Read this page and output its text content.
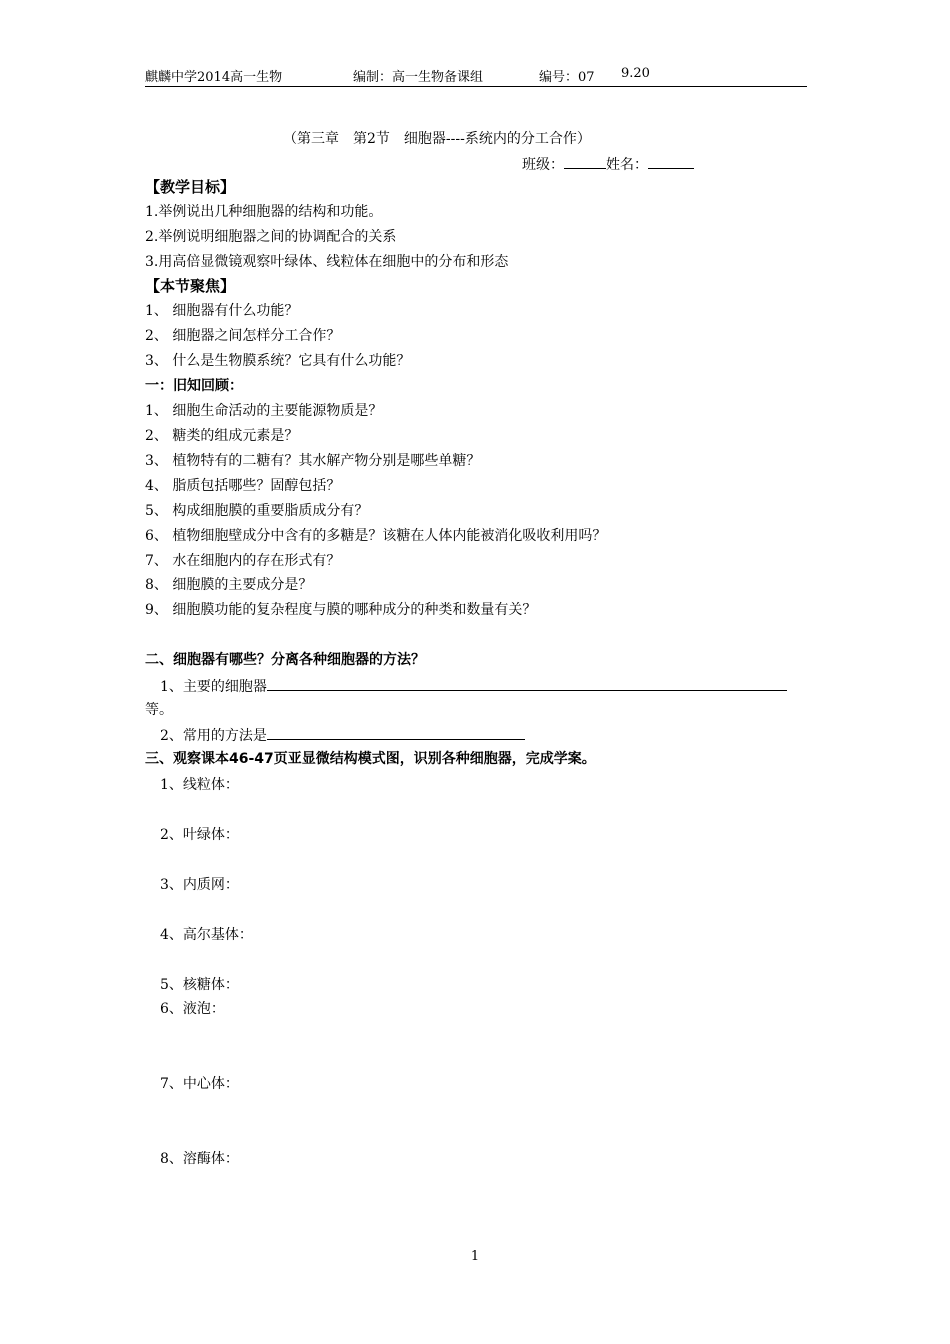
麒麟中学2014高一生物	编制：高一生物备课组	编号：07 9.20
（第三章　第2节　细胞器----系统内的分工合作）
班级：	姓名：
【教学目标】
1.举例说出几种细胞器的结构和功能。
2.举例说明细胞器之间的协调配合的关系
3.用高倍显微镜观察叶绿体、线粒体在细胞中的分布和形态
【本节聚焦】
1、 细胞器有什么功能？
2、 细胞器之间怎样分工合作？
3、 什么是生物膜系统？它具有什么功能？
一：旧知回顾：
1、 细胞生命活动的主要能源物质是？
2、 糖类的组成元素是？
3、 植物特有的二糖有？其水解产物分别是哪些单糖？
4、 脂质包括哪些？固醇包括？
5、 构成细胞膜的重要脂质成分有？
6、 植物细胞壁成分中含有的多糖是？该糖在人体内能被消化吸收利用吗？
7、 水在细胞内的存在形式有？
8、 细胞膜的主要成分是？
9、 细胞膜功能的复杂程度与膜的哪种成分的种类和数量有关？
二、细胞器有哪些？分离各种细胞器的方法？
1、主要的细胞器
等。
2、常用的方法是
三、观察课本46-47页亚显微结构模式图，识别各种细胞器，完成学案。
1、线粒体：
2、叶绿体：
3、内质网：
4、高尔基体：
5、核糖体：
6、液泡：
7、中心体：
8、溶酶体：
1
